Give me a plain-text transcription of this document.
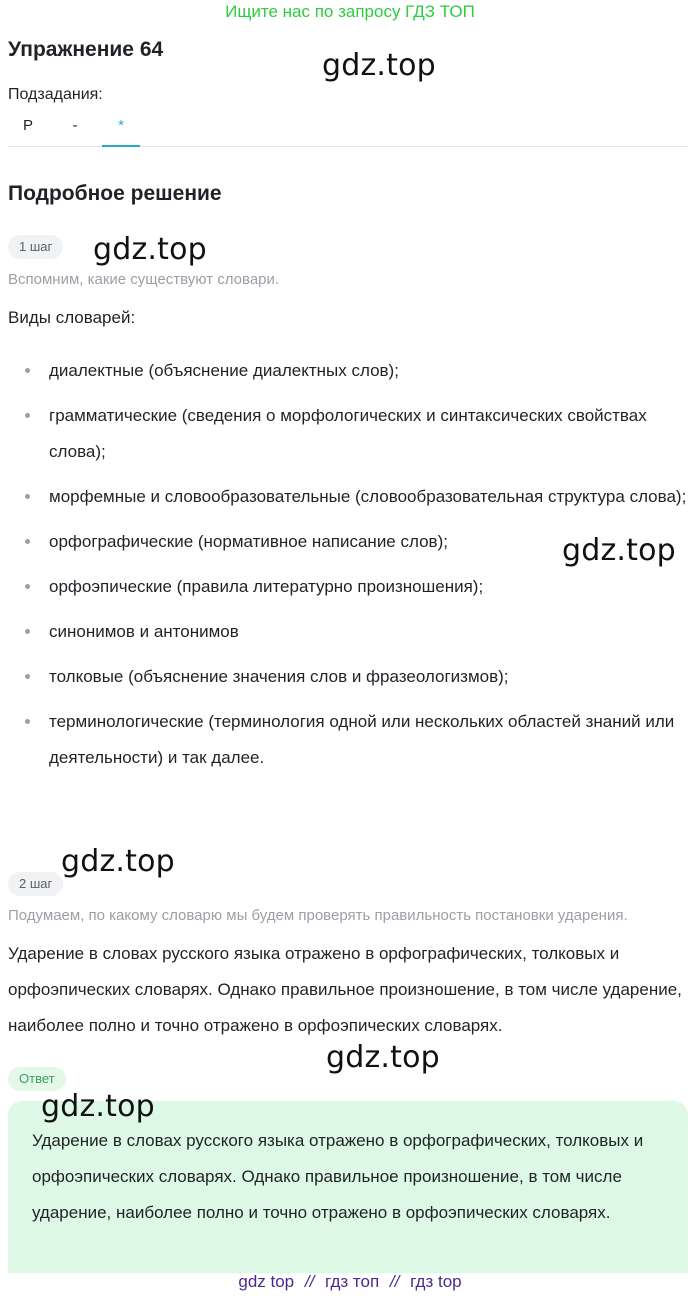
Ищите нас по запросу ГДЗ ТОП
Упражнение 64	gdz.top
Подзадания:
Р	-	*
Подробное решение
1 шаг	gdz.top
Вспомним, какие существуют словари.
Виды словарей:
диалектные (объяснение диалектных слов);
грамматические (сведения о морфологических и синтаксических свойствах слова);
морфемные и словообразовательные (словообразовательная структура слова);
орфографические (нормативное написание слов);
орфоэпические (правила литературно произношения);
синонимов и антонимов
толковые (объяснение значения слов и фразеологизмов);
терминологические (терминология одной или нескольких областей знаний или деятельности) и так далее.
gdz.top
gdz.top
2 шаг
Подумаем, по какому словарю мы будем проверять правильность постановки ударения.
Ударение в словах русского языка отражено в орфографических, толковых и орфоэпических словарях. Однако правильное произношение, в том числе ударение, наиболее полно и точно отражено в орфоэпических словарях.
gdz.top
Ответ
Ударение в словах русского языка отражено в орфографических, толковых и орфоэпических словарях. Однако правильное произношение, в том числе ударение, наиболее полно и точно отражено в орфоэпических словарях.
gdz.top
gdz top // гдз топ // гдз top
